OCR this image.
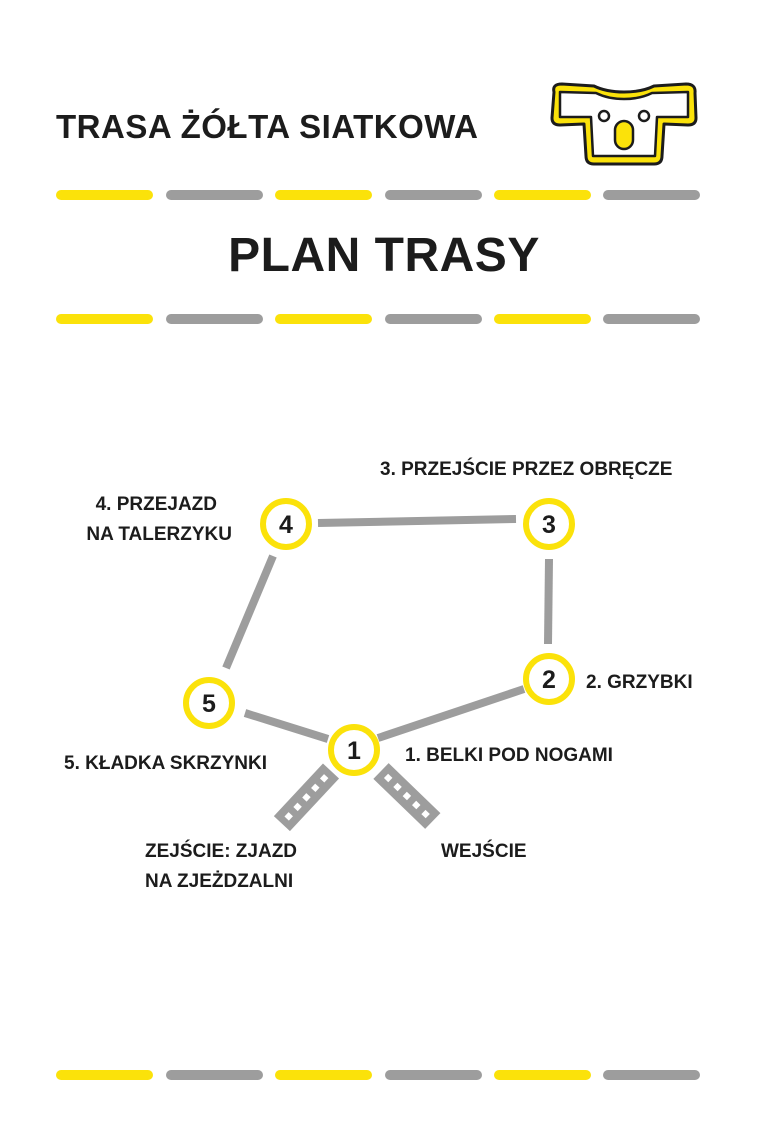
TRASA ŻÓŁTA SIATKOWA
PLAN TRASY
1
2
3
4
5
1. BELKI POD NOGAMI
2. GRZYBKI
3. PRZEJŚCIE PRZEZ OBRĘCZE
4. PRZEJAZD
NA TALERZYKU
5. KŁADKA SKRZYNKI
WEJŚCIE
ZEJŚCIE: ZJAZD
NA ZJEŻDZALNI
